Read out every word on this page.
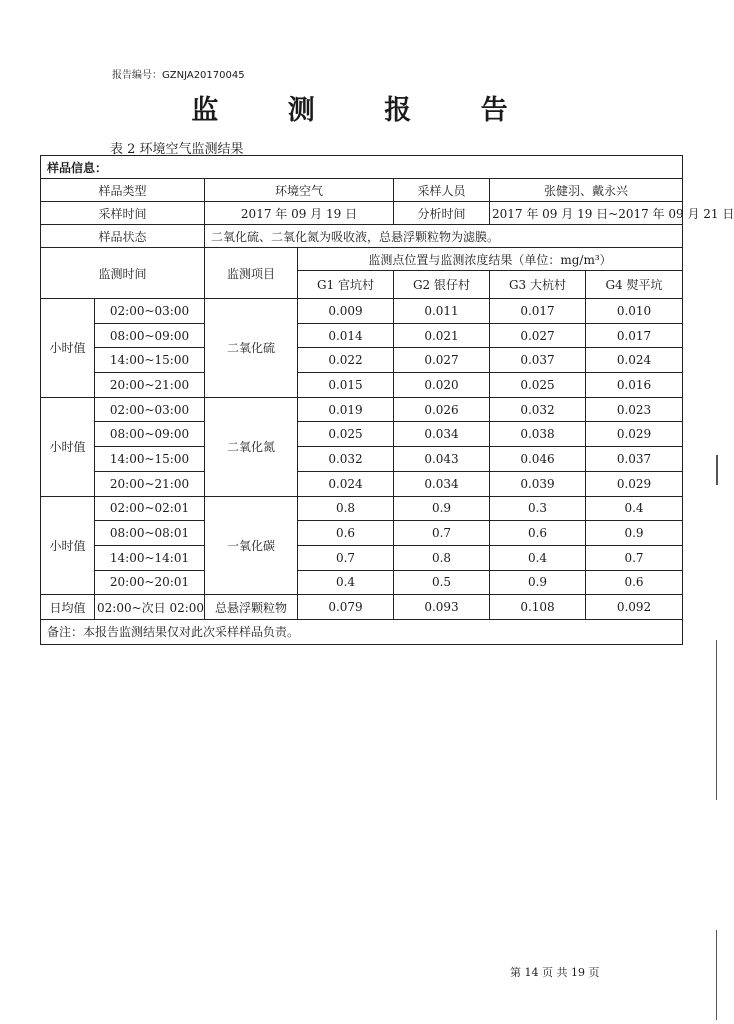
报告编号：GZNJA20170045
监 测 报 告
表 2 环境空气监测结果
样品信息：						
样品类型		环境空气		采样人员	张健羽、戴永兴	
采样时间		2017 年 09 月 19 日		分析时间	2017 年 09 月 19 日~2017 年 09 月 21 日	
样品状态		二氧化硫、二氧化氮为吸收液，总悬浮颗粒物为滤膜。				
监测时间		监测项目	监测点位置与监测浓度结果（单位：mg/m³）			
			G1 官坑村	G2 银仔村	G3 大杭村	G4 熨平坑
小时值	02:00~03:00	二氧化硫	0.009	0.011	0.017	0.010
	08:00~09:00		0.014	0.021	0.027	0.017
	14:00~15:00		0.022	0.027	0.037	0.024
	20:00~21:00		0.015	0.020	0.025	0.016
小时值	02:00~03:00	二氧化氮	0.019	0.026	0.032	0.023
	08:00~09:00		0.025	0.034	0.038	0.029
	14:00~15:00		0.032	0.043	0.046	0.037
	20:00~21:00		0.024	0.034	0.039	0.029
小时值	02:00~02:01	一氧化碳	0.8	0.9	0.3	0.4
	08:00~08:01		0.6	0.7	0.6	0.9
	14:00~14:01		0.7	0.8	0.4	0.7
	20:00~20:01		0.4	0.5	0.9	0.6
日均值	02:00~次日 02:00	总悬浮颗粒物	0.079	0.093	0.108	0.092
备注：本报告监测结果仅对此次采样样品负责。						
第 14 页 共 19 页
